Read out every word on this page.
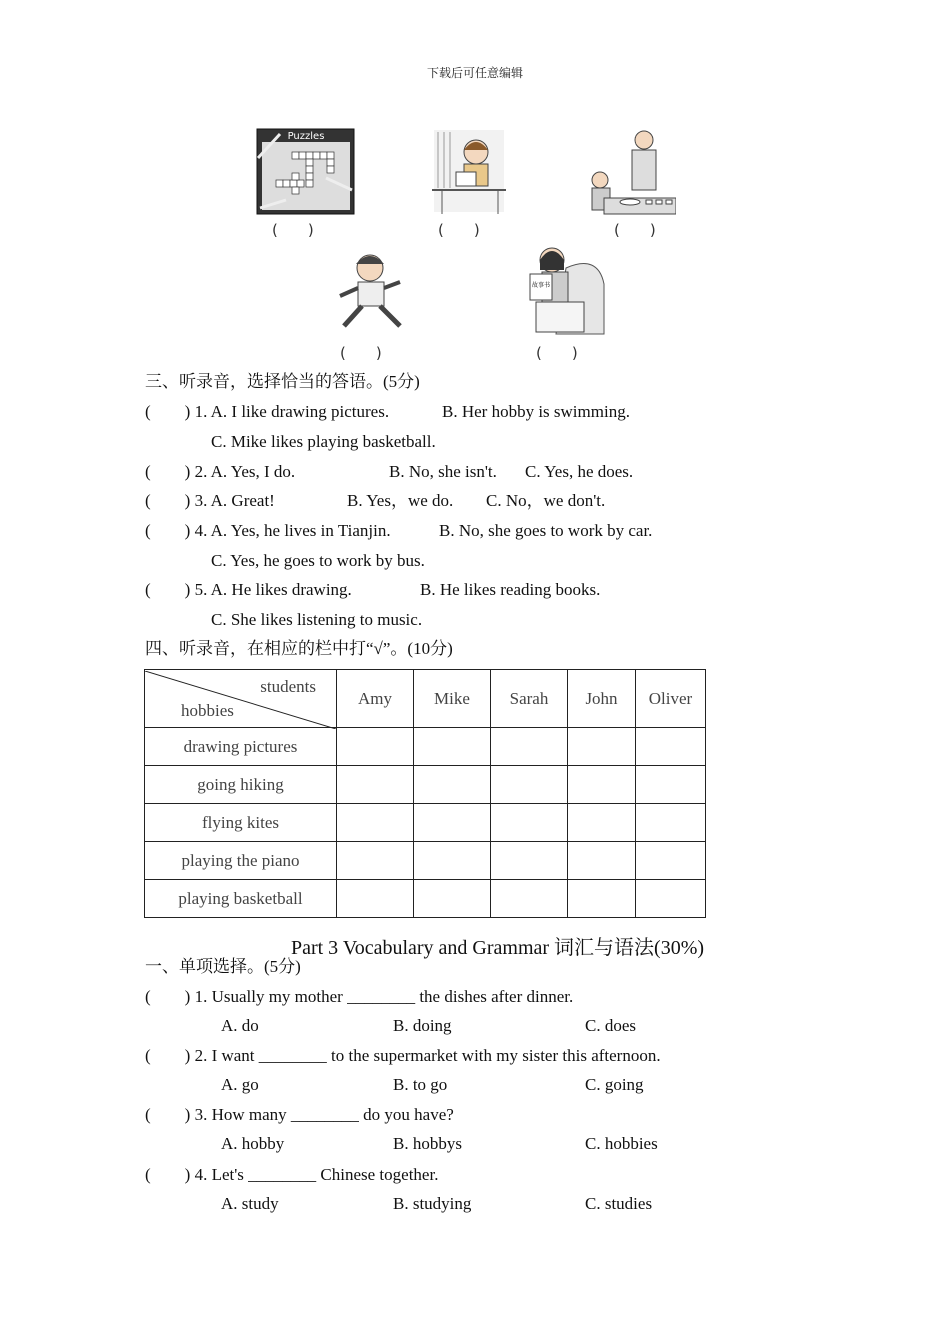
下载后可任意编辑
Puzzles
(　　)	(　　)	(　　)
故事书
(　　)	(　　)
三、听录音，选择恰当的答语。(5分)
(　　) 1. A. I like drawing pictures.	B. Her hobby is swimming.
C. Mike likes playing basketball.
(　　) 2. A. Yes, I do.	B. No, she isn't. C. Yes, he does.
(　　) 3. A. Great!	B. Yes，we do. C. No，we don't.
(　　) 4. A. Yes, he lives in Tianjin.	B. No, she goes to work by car.
C. Yes, he goes to work by bus.
(　　) 5. A. He likes drawing.	B. He likes reading books.
C. She likes listening to music.
四、听录音，在相应的栏中打“√”。(10分)
students
hobbies	Amy	Mike	Sarah	John	Oliver
drawing pictures					
going hiking					
flying kites					
playing the piano					
playing basketball					
Part 3 Vocabulary and Grammar 词汇与语法(30%)
一、单项选择。(5分)
(　　) 1. Usually my mother ________ the dishes after dinner.
A. do	B. doing	C. does
(　　) 2. I want ________ to the supermarket with my sister this afternoon.
A. go	B. to go	C. going
(　　) 3. How many ________ do you have?
A. hobby	B. hobbys	C. hobbies
(　　) 4. Let's ________ Chinese together.
A. study	B. studying	C. studies
